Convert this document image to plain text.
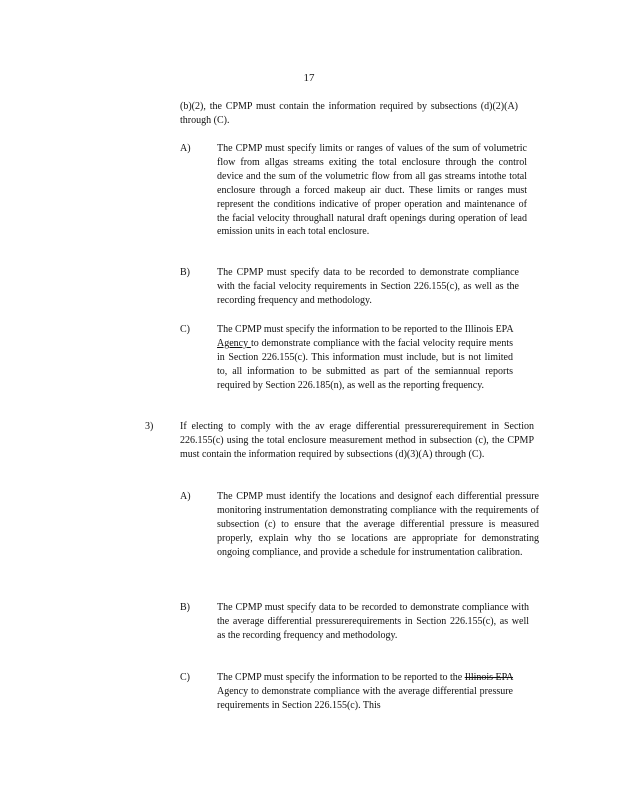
17
(b)(2), the CPMP must contain the information required by subsections (d)(2)(A) through (C).
A)	The CPMP must specify limits or ranges of values of the sum of volumetric flow from allgas streams exiting the total enclosure through the control device and the sum of the volumetric flow from all gas streams intothe total enclosure through a forced makeup air duct. These limits or ranges must represent the conditions indicative of proper operation and maintenance of the facial velocity throughall natural draft openings during operation of lead emission units in each total enclosure.
B)	The CPMP must specify data to be recorded to demonstrate compliance with the facial velocity requirements in Section 226.155(c), as well as the recording frequency and methodology.
C)	The CPMP must specify the information to be reported to the Illinois EPA Agency to demonstrate compliance with the facial velocity require ments in Section 226.155(c). This information must include, but is not limited to, all information to be submitted as part of the semiannual reports required by Section 226.185(n), as well as the reporting frequency.
3)	If electing to comply with the av erage differential pressurerequirement in Section 226.155(c) using the total enclosure measurement method in subsection (c), the CPMP must contain the information required by subsections (d)(3)(A) through (C).
A)	The CPMP must identify the locations and designof each differential pressure monitoring instrumentation demonstrating compliance with the requirements of subsection (c) to ensure that the average differential pressure is measured properly, explain why tho se locations are appropriate for demonstrating ongoing compliance, and provide a schedule for instrumentation calibration.
B)	The CPMP must specify data to be recorded to demonstrate compliance with the average differential pressurerequirements in Section 226.155(c), as well as the recording frequency and methodology.
C)	The CPMP must specify the information to be reported to the Illinois EPA Agency to demonstrate compliance with the average differential pressure requirements in Section 226.155(c). This
